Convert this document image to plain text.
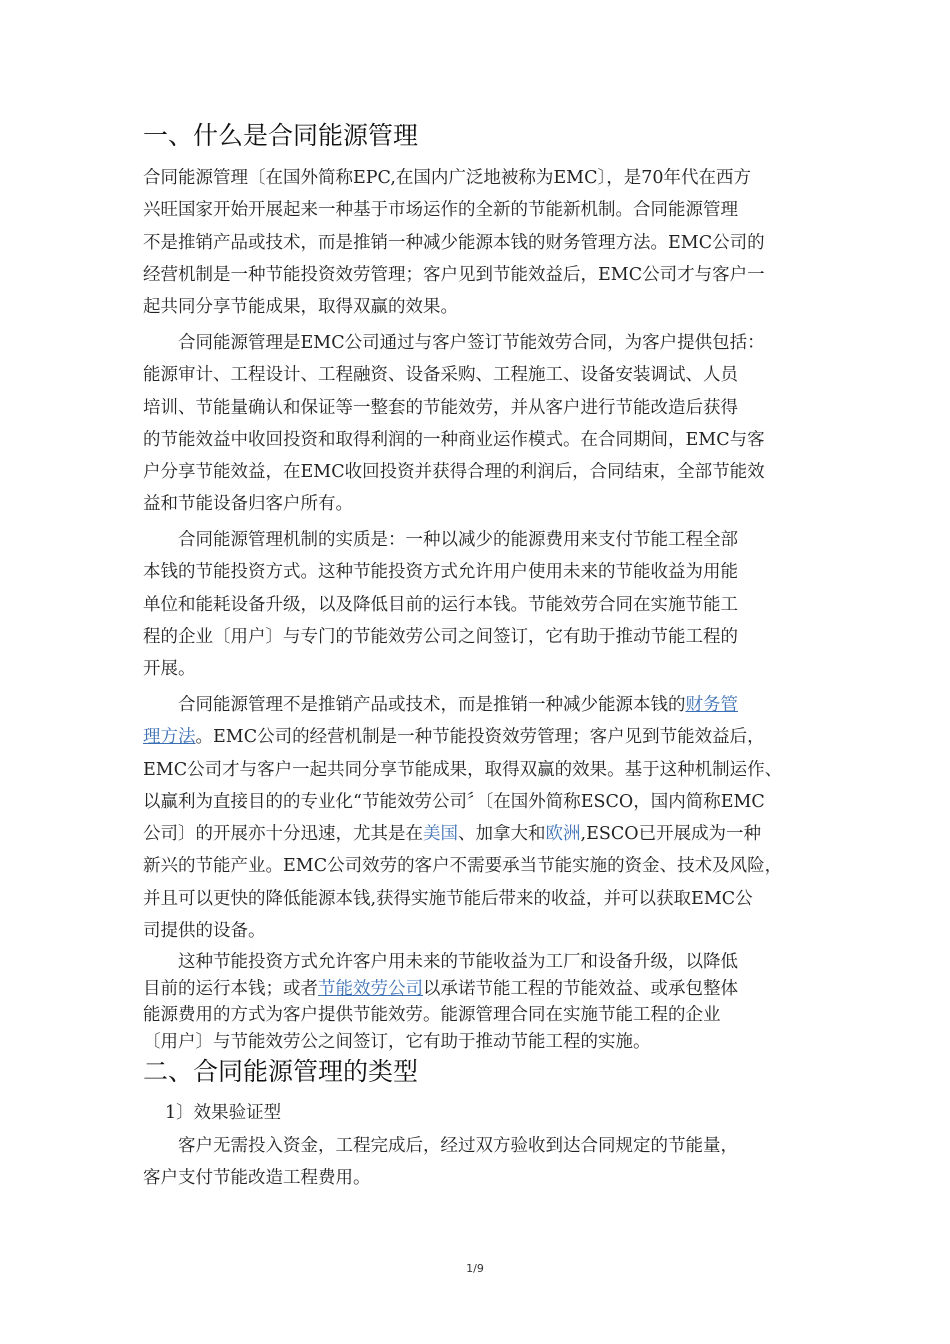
一、什么是合同能源管理
合同能源管理〔在国外简称EPC,在国内广泛地被称为EMC〕，是70年代在西方
兴旺国家开始开展起来一种基于市场运作的全新的节能新机制。合同能源管理
不是推销产品或技术，而是推销一种减少能源本钱的财务管理方法。EMC公司的
经营机制是一种节能投资效劳管理；客户见到节能效益后，EMC公司才与客户一
起共同分享节能成果，取得双赢的效果。
合同能源管理是EMC公司通过与客户签订节能效劳合同，为客户提供包括：
能源审计、工程设计、工程融资、设备采购、工程施工、设备安装调试、人员
培训、节能量确认和保证等一整套的节能效劳，并从客户进行节能改造后获得
的节能效益中收回投资和取得利润的一种商业运作模式。在合同期间，EMC与客
户分享节能效益，在EMC收回投资并获得合理的利润后，合同结束，全部节能效
益和节能设备归客户所有。
合同能源管理机制的实质是：一种以减少的能源费用来支付节能工程全部
本钱的节能投资方式。这种节能投资方式允许用户使用未来的节能收益为用能
单位和能耗设备升级，以及降低目前的运行本钱。节能效劳合同在实施节能工
程的企业〔用户〕与专门的节能效劳公司之间签订，它有助于推动节能工程的
开展。
合同能源管理不是推销产品或技术，而是推销一种减少能源本钱的财务管
理方法。EMC公司的经营机制是一种节能投资效劳管理；客户见到节能效益后，
EMC公司才与客户一起共同分享节能成果，取得双赢的效果。基于这种机制运作、
以赢利为直接目的的专业化“节能效劳公司〞〔在国外简称ESCO，国内简称EMC
公司〕的开展亦十分迅速，尤其是在美国、加拿大和欧洲,ESCO已开展成为一种
新兴的节能产业。EMC公司效劳的客户不需要承当节能实施的资金、技术及风险，
并且可以更快的降低能源本钱,获得实施节能后带来的收益，并可以获取EMC公
司提供的设备。
这种节能投资方式允许客户用未来的节能收益为工厂和设备升级，以降低
目前的运行本钱；或者节能效劳公司以承诺节能工程的节能效益、或承包整体
能源费用的方式为客户提供节能效劳。能源管理合同在实施节能工程的企业
〔用户〕与节能效劳公之间签订，它有助于推动节能工程的实施。
二、合同能源管理的类型
1〕效果验证型
客户无需投入资金，工程完成后，经过双方验收到达合同规定的节能量，
客户支付节能改造工程费用。
1/9
